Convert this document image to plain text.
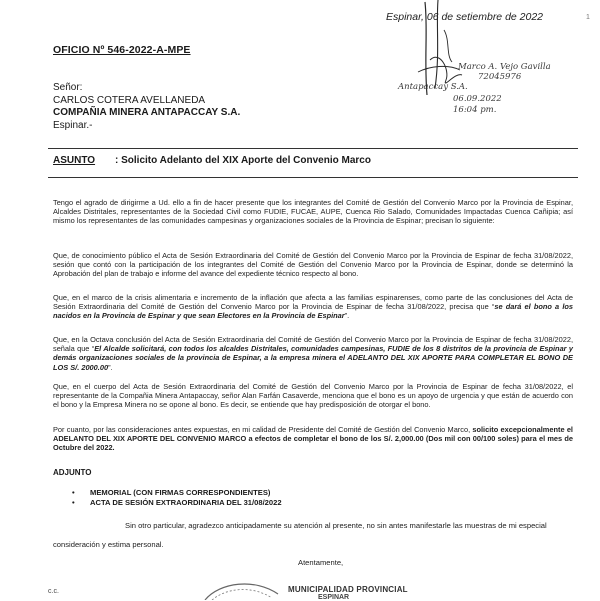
Espinar, 06 de setiembre de 2022	1
OFICIO Nº 546-2022-A-MPE
Señor:
CARLOS COTERA AVELLANEDA
COMPAÑIA MINERA ANTAPACCAY S.A.
Espinar.-
Marco A. Vejo Gavilla
72045976
Antapaccay S.A.
06.09.2022
16:04 pm.
ASUNTO : Solicito Adelanto del XIX Aporte del Convenio Marco
Tengo el agrado de dirigirme a Ud. ello a fin de hacer presente que los integrantes del Comité de Gestión del Convenio Marco por la Provincia de Espinar, Alcaldes Distritales, representantes de la Sociedad Civil como FUDIE, FUCAE, AUPE, Cuenca Rio Salado, Comunidades Impactadas Cuenca Cañipia; así mismo los representantes de las comunidades campesinas y organizaciones sociales de la Provincia de Espinar; precisan lo siguiente:
Que, de conocimiento público el Acta de Sesión Extraordinaria del Comité de Gestión del Convenio Marco por la Provincia de Espinar de fecha 31/08/2022, sesión que contó con la participación de los integrantes del Comité de Gestión del Convenio Marco por la Provincia de Espinar, donde se determinó la Aprobación del plan de trabajo e informe del avance del expediente técnico respecto al bono.
Que, en el marco de la crisis alimentaria e incremento de la inflación que afecta a las familias espinarenses, como parte de las conclusiones del Acta de Sesión Extraordinaria del Comité de Gestión del Convenio Marco por la Provincia de Espinar de fecha 31/08/2022, precisa que “se dará el bono a los nacidos en la Provincia de Espinar y que sean Electores en la Provincia de Espinar”.
Que, en la Octava conclusión del Acta de Sesión Extraordinaria del Comité de Gestión del Convenio Marco por la Provincia de Espinar de fecha 31/08/2022, señala que “El Alcalde solicitará, con todos los alcaldes Distritales, comunidades campesinas, FUDIE de los 8 distritos de la provincia de Espinar y demás organizaciones sociales de la provincia de Espinar, a la empresa minera el ADELANTO DEL XIX APORTE PARA COMPLETAR EL BONO DE LOS S/. 2000.00”.
Que, en el cuerpo del Acta de Sesión Extraordinaria del Comité de Gestión del Convenio Marco por la Provincia de Espinar de fecha 31/08/2022, el representante de la Compañia Minera Antapaccay, señor Alan Farfán Casaverde, menciona que el bono es un apoyo de urgencia y que están de acuerdo con el bono y la Empresa Minera no se opone al bono. Es decir, se entiende que hay predisposición de otorgar el bono.
Por cuanto, por las consideraciones antes expuestas, en mi calidad de Presidente del Comité de Gestión del Convenio Marco, solicito excepcionalmente el ADELANTO DEL XIX APORTE DEL CONVENIO MARCO a efectos de completar el bono de los S/. 2,000.00 (Dos mil con 00/100 soles) para el mes de Octubre del 2022.
ADJUNTO
• MEMORIAL (CON FIRMAS CORRESPONDIENTES)
• ACTA DE SESIÓN EXTRAORDINARIA DEL 31/08/2022
Sin otro particular, agradezco anticipadamente su atención al presente, no sin antes manifestarle las muestras de mi especial consideración y estima personal.
Atentamente,
MUNICIPALIDAD PROVINCIAL
ESPINAR
c.c.
